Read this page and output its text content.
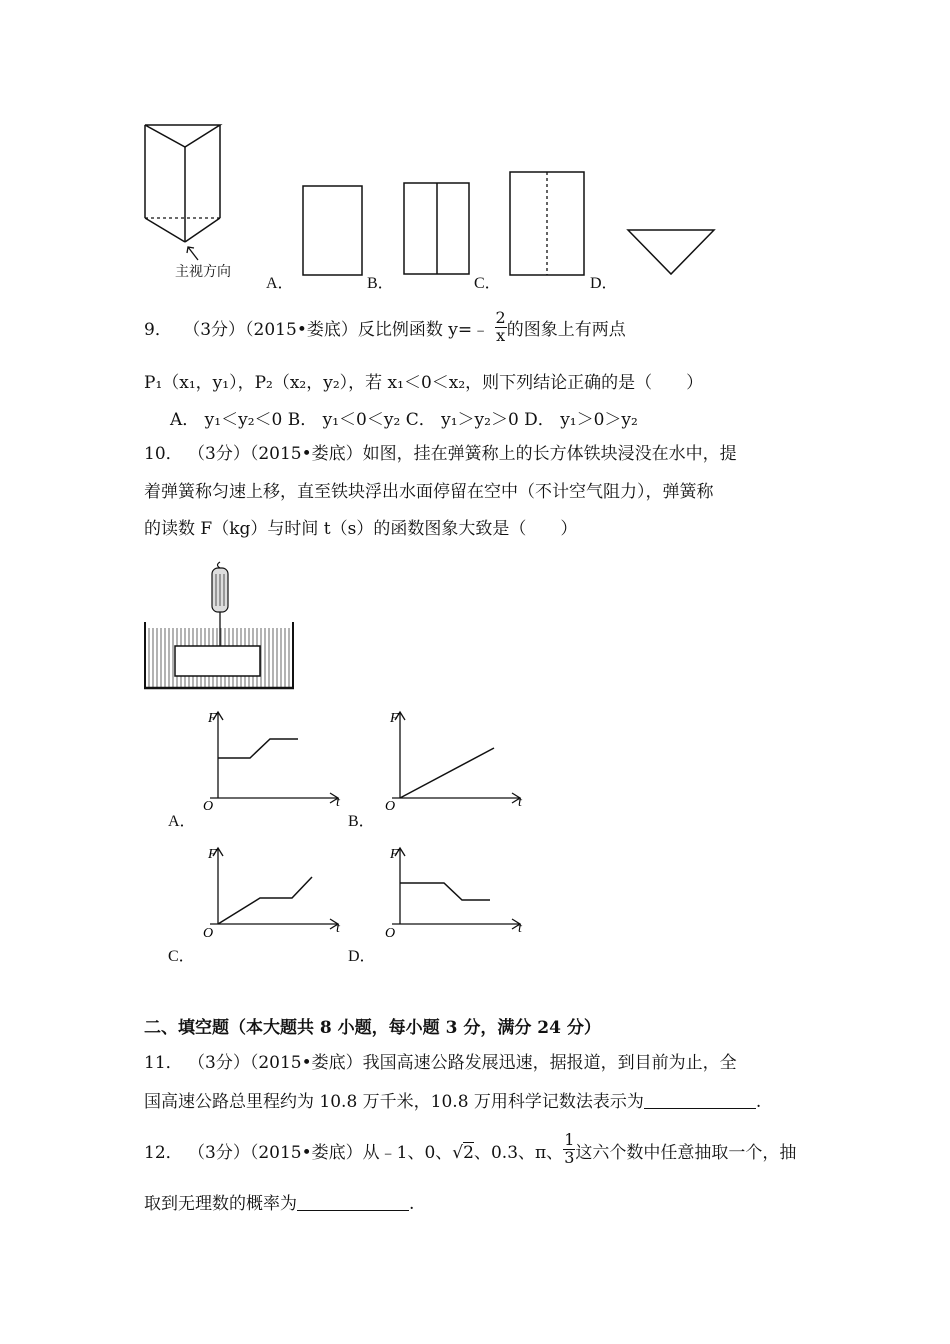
主视方向
A．	B．	C．	D．
9． （3分）（2015•娄底）反比例函数 y=﹣ $\frac{2}{x}$ 的图象上有两点
P₁（x₁，y₁），P₂（x₂，y₂），若 x₁＜0＜x₂，则下列结论正确的是（　　）
A． y₁＜y₂＜0 B． y₁＜0＜y₂ C． y₁＞y₂＞0 D． y₁＞0＞y₂
10． （3分）（2015•娄底）如图，挂在弹簧称上的长方体铁块浸没在水中，提
着弹簧称匀速上移，直至铁块浮出水面停留在空中（不计空气阻力），弹簧称
的读数 F（kg）与时间 t（s）的函数图象大致是（　　）
A．
F
t
O
B．
F
t
O
C．
F
t
O
D．
F
t
O
二、填空题（本大题共 8 小题，每小题 3 分，满分 24 分）
11． （3分）（2015•娄底）我国高速公路发展迅速，据报道，到目前为止，全
国高速公路总里程约为 10.8 万千米，10.8 万用科学记数法表示为	.
12． （3分）（2015•娄底）从﹣1、0、√2、0.3、π、 $\frac{1}{3}$ 这六个数中任意抽取一个，抽
取到无理数的概率为	.
